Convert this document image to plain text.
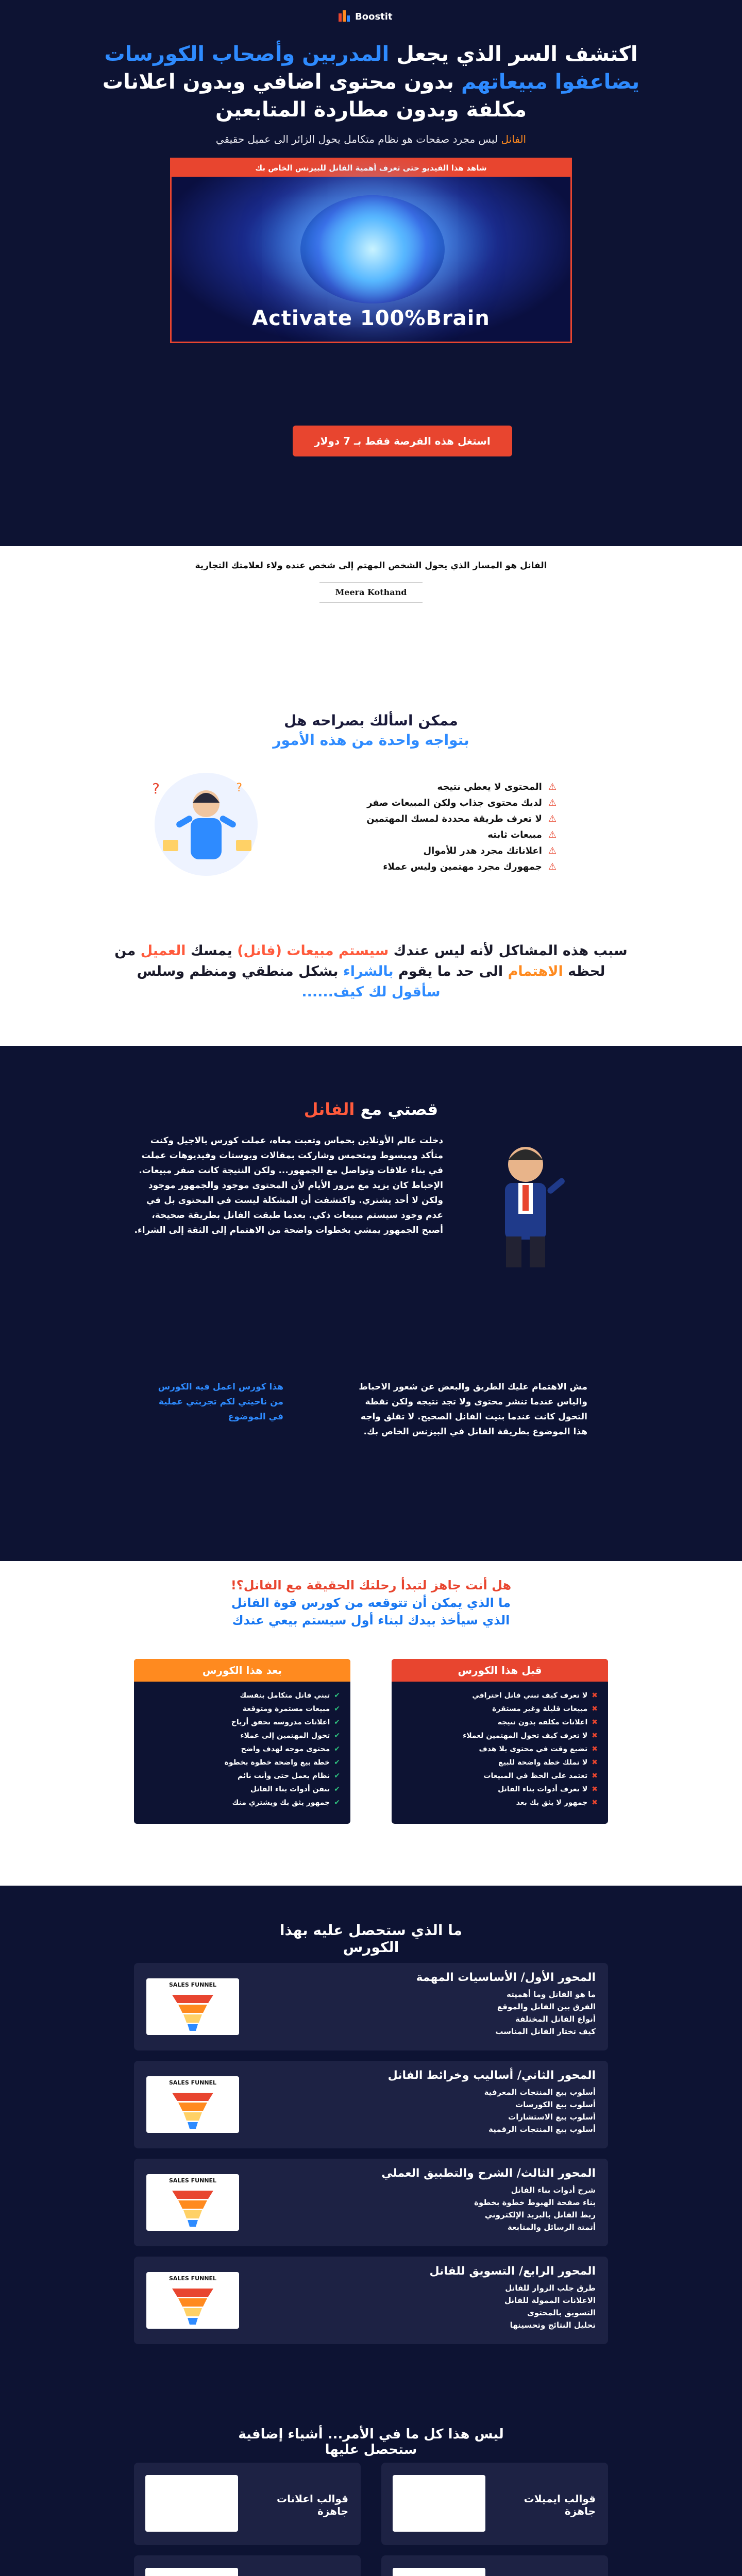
Boostit
اكتشف السر الذي يجعل المدربين وأصحاب الكورسات يضاعفوا مبيعاتهم بدون محتوى اضافي وبدون اعلانات مكلفة وبدون مطاردة المتابعين

الفانل ليس مجرد صفحات هو نظام متكامل يحول الزائر الى عميل حقيقي

شاهد هذا الفيديو حتى تعرف أهمية الفانل للبيزنس الخاص بك
Activate 100%Brain
استغل هذه الفرصة فقط بـ 7 دولار

الفانل هو المسار الذي يحول الشخص المهتم إلى شخص عنده ولاء لعلامتك التجارية

Meera Kothand

ممكن اسألك بصراحه هل
بتواجه واحدة من هذه الأمور
?	?	⚠
المحتوى لا يعطي نتيجه
⚠
لديك محتوى جذاب ولكن المبيعات صفر
⚠
لا تعرف طريقة محددة لمسك المهتمين
⚠
مبيعات ثابته
⚠
اعلاناتك مجرد هدر للأموال
⚠
جمهورك مجرد مهتمين وليس عملاء

سبب هذه المشاكل لأنه ليس عندك سيستم مبيعات (فانل) يمسك العميل من لحظه الاهتمام الى حد ما يقوم بالشراء بشكل منطقي ومنظم وسلس
سأقول لك كيف......

قصتي مع الفانل

دخلت عالم الأونلاين بحماس وتعبت معاه، عملت كورس بالاجيل وكنت متأكد ومبسوط ومتحمس وشاركت بمقالات وبوستات وفيديوهات عملت في بناء علاقات وتواصل مع الجمهور... ولكن النتيجة كانت صفر مبيعات. الإحباط كان يزيد مع مرور الأيام لأن المحتوى موجود والجمهور موجود ولكن لا أحد يشتري. واكتشفت أن المشكلة ليست في المحتوى بل في عدم وجود سيستم مبيعات ذكي. بعدما طبقت الفانل بطريقة صحيحة، أصبح الجمهور يمشي بخطوات واضحة من الاهتمام إلى الثقة إلى الشراء.

مش الاهتمام عليك الطريق والبعض عن شعور الاحباط والياس عندما تنشر محتوى ولا تجد نتيجه ولكن نقطة التحول كانت عندما بنيت الفانل الصحيح. لا تقلق واجه هذا الموضوع بطريقة الفانل في البيزنس الخاص بك.

هذا كورس اعمل فيه الكورس من ناحيتي لكم تجربتي عملية في الموضوع

هل أنت جاهز لتبدأ رحلتك الحقيقة مع الفانل؟!
ما الذي يمكن أن تتوقعه من كورس قوة الفانل الذي سيأخذ بيدك لبناء أول سيستم بيعي عندك
قبل هذا الكورس
✖
لا تعرف كيف تبني فانل احترافي
✖
مبيعات قليلة وغير مستقرة
✖
اعلانات مكلفة بدون نتيجة
✖
لا تعرف كيف تحول المهتمين لعملاء
✖
تضيع وقت في محتوى بلا هدف
✖
لا تملك خطة واضحة للبيع
✖
تعتمد على الحظ في المبيعات
✖
لا تعرف أدوات بناء الفانل
✖
جمهور لا يثق بك بعد
بعد هذا الكورس
✔
تبني فانل متكامل بنفسك
✔
مبيعات مستمرة ومتوقعة
✔
اعلانات مدروسة تحقق أرباح
✔
تحول المهتمين إلى عملاء
✔
محتوى موجه لهدف واضح
✔
خطة بيع واضحة خطوة بخطوة
✔
نظام يعمل حتى وأنت نائم
✔
تتقن أدوات بناء الفانل
✔
جمهور يثق بك ويشتري منك
ما الذي ستحصل عليه بهذا الكورس
المحور الأول/ الأساسيات المهمة
ما هو الفانل وما أهميته
الفرق بين الفانل والموقع
أنواع الفانل المختلفة
كيف تختار الفانل المناسب
SALES FUNNEL
المحور الثاني/ أساليب وخرائط الفانل
أسلوب بيع المنتجات المعرفية
أسلوب بيع الكورسات
أسلوب بيع الاستشارات
أسلوب بيع المنتجات الرقمية
SALES FUNNEL
المحور الثالث/ الشرح والتطبيق العملي
شرح أدوات بناء الفانل
بناء صفحة الهبوط خطوة بخطوة
ربط الفانل بالبريد الإلكتروني
أتمتة الرسائل والمتابعة
SALES FUNNEL
المحور الرابع/ التسويق للفانل
طرق جلب الزوار للفانل
الاعلانات الممولة للفانل
التسويق بالمحتوى
تحليل النتائج وتحسينها
SALES FUNNEL
ليس هذا كل ما في الأمر... أشياء إضافية ستحصل عليها
قوالب ايميلات جاهزة
قوالب اعلانات جاهزة
